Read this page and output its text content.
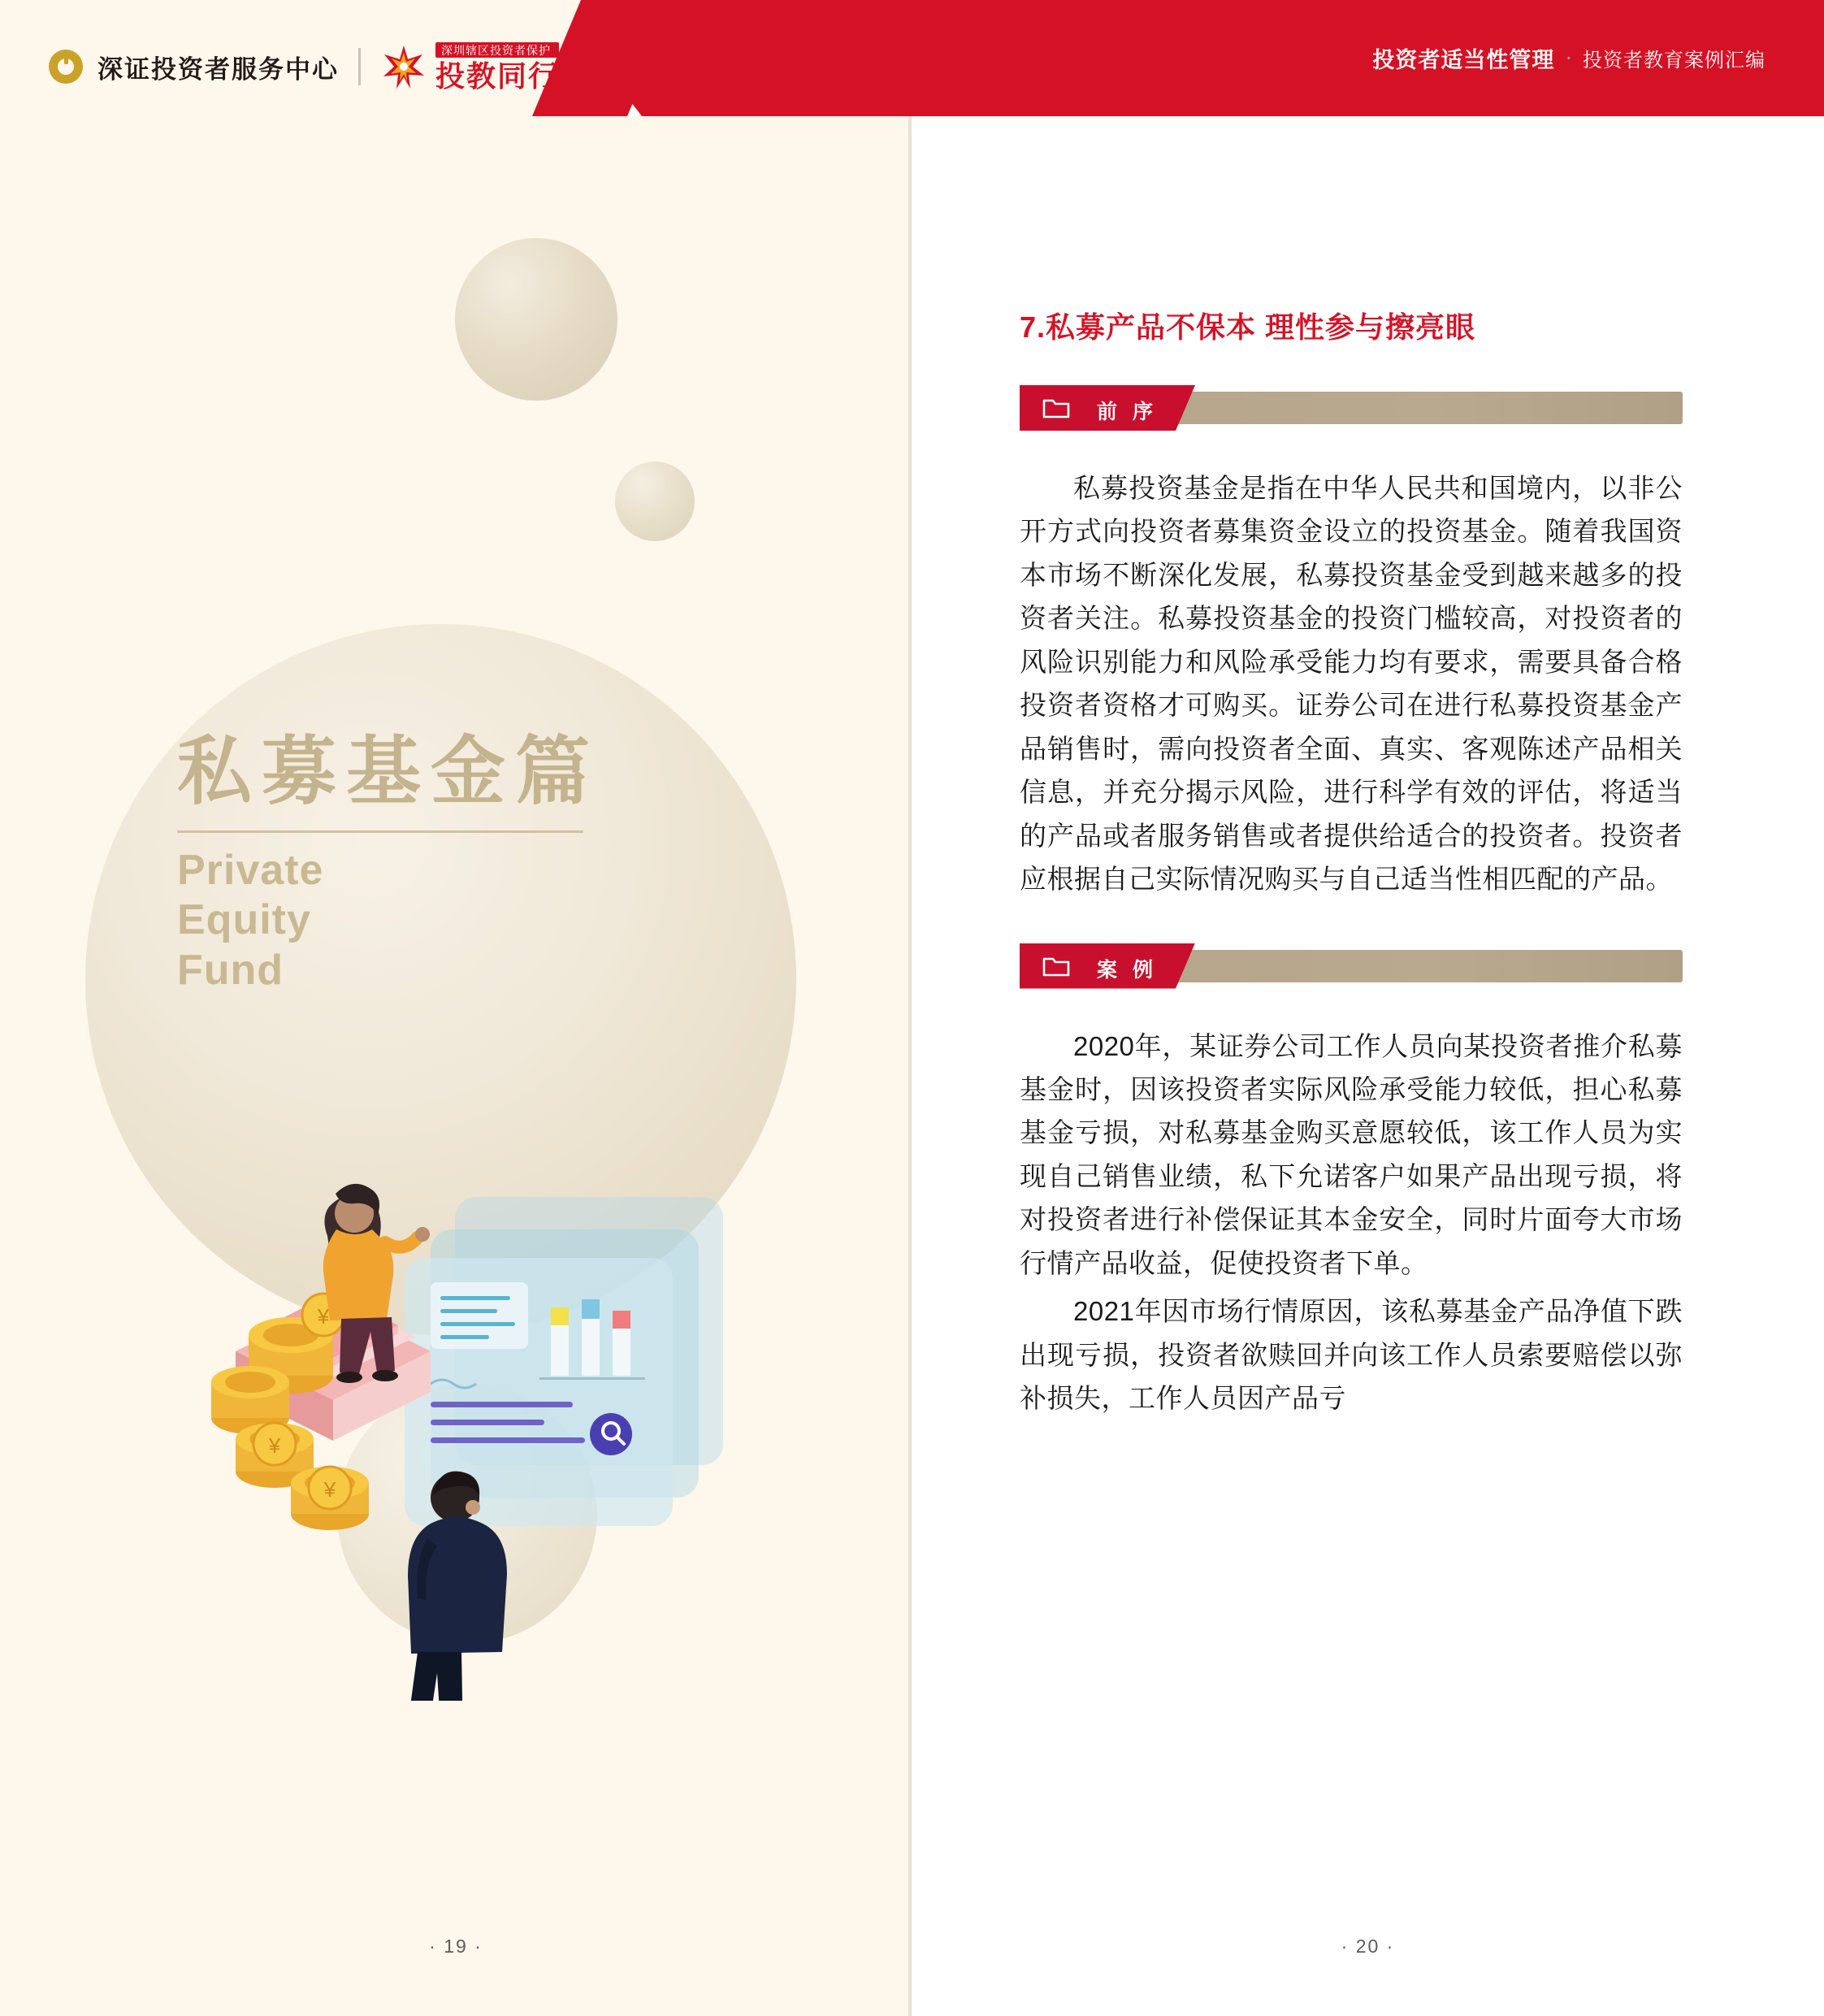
深证投资者服务中心
深圳辖区投资者保护
投教同行	投资者适当性管理 · 投资者教育案例汇编
私募基金篇
Private
Equity
Fund
¥
¥
¥
· 19 ·
7.私募产品不保本 理性参与擦亮眼
前 序

私募投资基金是指在中华人民共和国境内，以非公开方式向投资者募集资金设立的投资基金。随着我国资本市场不断深化发展，私募投资基金受到越来越多的投资者关注。私募投资基金的投资门槛较高，对投资者的风险识别能力和风险承受能力均有要求，需要具备合格投资者资格才可购买。证券公司在进行私募投资基金产品销售时，需向投资者全面、真实、客观陈述产品相关信息，并充分揭示风险，进行科学有效的评估，将适当的产品或者服务销售或者提供给适合的投资者。投资者应根据自己实际情况购买与自己适当性相匹配的产品。

案 例

2020年，某证券公司工作人员向某投资者推介私募基金时，因该投资者实际风险承受能力较低，担心私募基金亏损，对私募基金购买意愿较低，该工作人员为实现自己销售业绩，私下允诺客户如果产品出现亏损，将对投资者进行补偿保证其本金安全，同时片面夸大市场行情产品收益，促使投资者下单。

2021年因市场行情原因，该私募基金产品净值下跌出现亏损，投资者欲赎回并向该工作人员索要赔偿以弥补损失，工作人员因产品亏

· 20 ·
